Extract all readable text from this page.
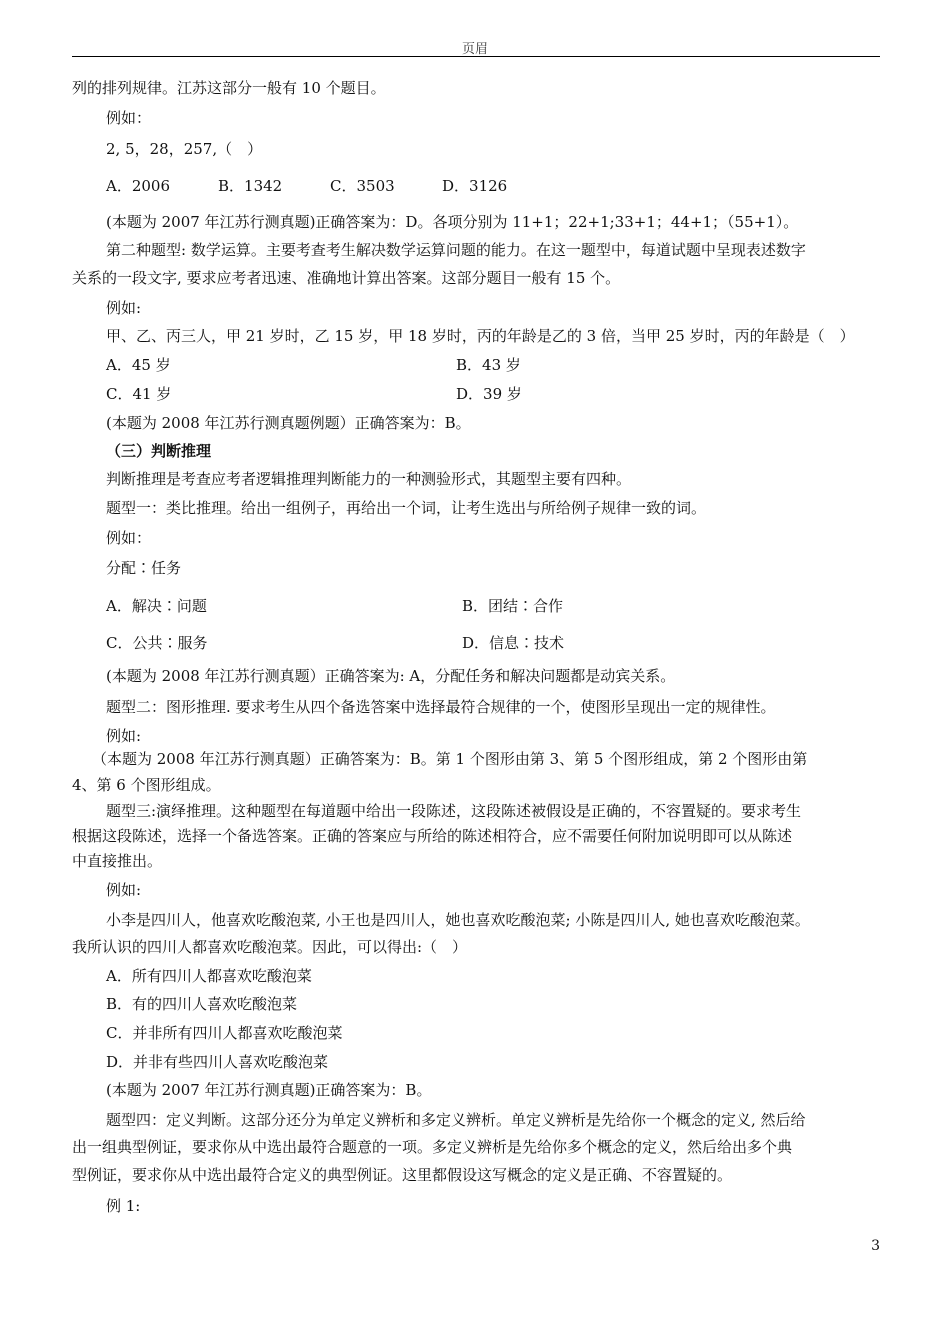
页眉
列的排列规律。江苏这部分一般有 10 个题目。
例如：
2, 5，28，257,（　）
A．2006	B．1342	C．3503	D．3126
(本题为 2007 年江苏行测真题)正确答案为：D。各项分别为 11+1；22+1;33+1；44+1；（55+1）。
第二种题型: 数学运算。主要考查考生解决数学运算问题的能力。在这一题型中，每道试题中呈现表述数字
关系的一段文字, 要求应考者迅速、准确地计算出答案。这部分题目一般有 15 个。
例如:
甲、乙、丙三人，甲 21 岁时，乙 15 岁，甲 18 岁时，丙的年龄是乙的 3 倍，当甲 25 岁时，丙的年龄是（　）
A．45 岁	B．43 岁
C．41 岁	D．39 岁
(本题为 2008 年江苏行测真题例题）正确答案为：B。
（三）判断推理
判断推理是考查应考者逻辑推理判断能力的一种测验形式，其题型主要有四种。
题型一：类比推理。给出一组例子，再给出一个词，让考生选出与所给例子规律一致的词。
例如：
分配∶任务
A．解决∶问题	B．团结∶合作
C．公共∶服务	D．信息∶技术
(本题为 2008 年江苏行测真题）正确答案为: A，分配任务和解决问题都是动宾关系。
题型二：图形推理. 要求考生从四个备选答案中选择最符合规律的一个，使图形呈现出一定的规律性。
例如:
（本题为 2008 年江苏行测真题）正确答案为：B。第 1 个图形由第 3、第 5 个图形组成，第 2 个图形由第
4、第 6 个图形组成。
题型三:演绎推理。这种题型在每道题中给出一段陈述，这段陈述被假设是正确的，不容置疑的。要求考生
根据这段陈述，选择一个备选答案。正确的答案应与所给的陈述相符合，应不需要任何附加说明即可以从陈述
中直接推出。
例如:
小李是四川人，他喜欢吃酸泡菜, 小王也是四川人，她也喜欢吃酸泡菜; 小陈是四川人, 她也喜欢吃酸泡菜。
我所认识的四川人都喜欢吃酸泡菜。因此，可以得出:（　）
A．所有四川人都喜欢吃酸泡菜
B．有的四川人喜欢吃酸泡菜
C．并非所有四川人都喜欢吃酸泡菜
D．并非有些四川人喜欢吃酸泡菜
(本题为 2007 年江苏行测真题)正确答案为：B。
题型四：定义判断。这部分还分为单定义辨析和多定义辨析。单定义辨析是先给你一个概念的定义, 然后给
出一组典型例证，要求你从中选出最符合题意的一项。多定义辨析是先给你多个概念的定义，然后给出多个典
型例证，要求你从中选出最符合定义的典型例证。这里都假设这写概念的定义是正确、不容置疑的。
例 1:
3
